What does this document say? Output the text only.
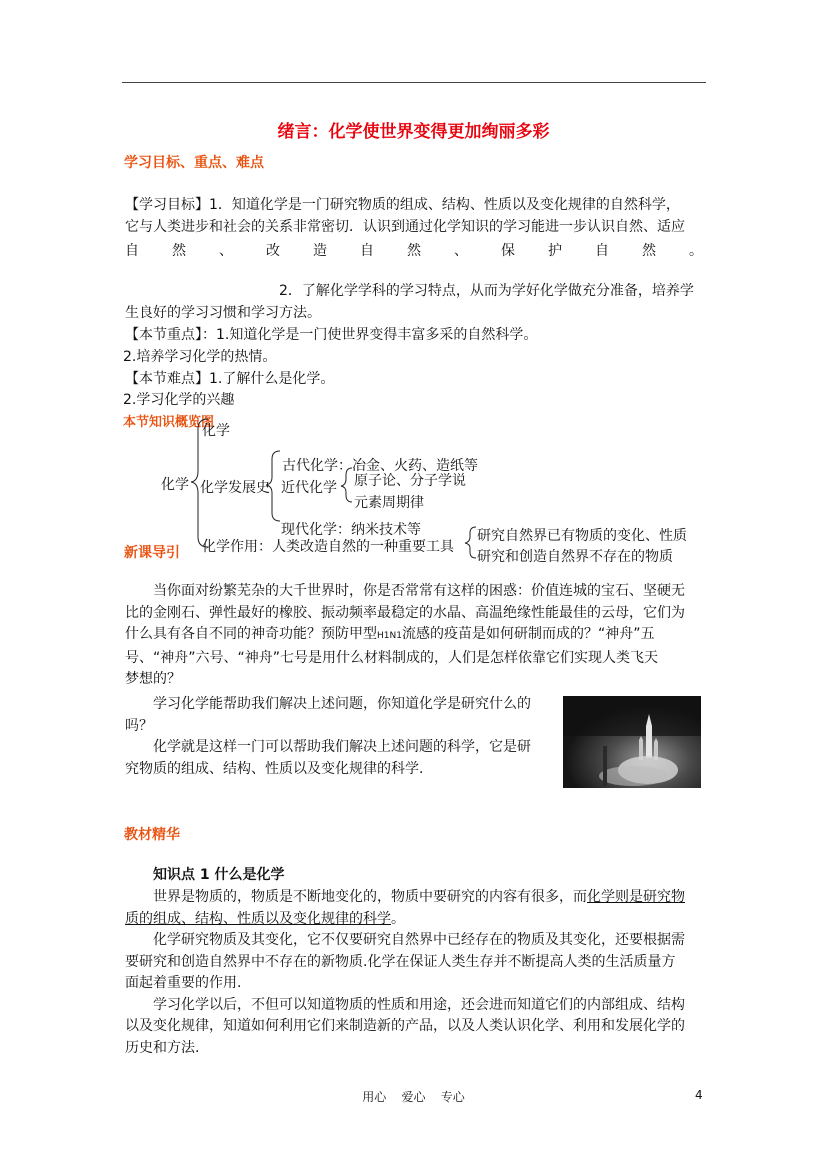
绪言：化学使世界变得更加绚丽多彩
学习目标、重点、难点
【学习目标】1．知道化学是一门研究物质的组成、结构、性质以及变化规律的自然科学，
它与人类进步和社会的关系非常密切．认识到通过化学知识的学习能进一步认识自然、适应
自 然 、 改 造 自 然 、 保 护 自 然 。
2．了解化学学科的学习特点，从而为学好化学做充分准备，培养学
生良好的学习习惯和学习方法。
【本节重点】：1.知道化学是一门使世界变得丰富多采的自然科学。
2.培养学习化学的热情。
【本节难点】1.了解什么是化学。
2.学习化学的兴趣
本节知识概览图
化学
化学
化学发展史
古代化学：冶金、火药、造纸等
近代化学 原子论、分子学说
元素周期律
现代化学：纳米技术等
化学作用：人类改造自然的一种重要工具
研究自然界已有物质的变化、性质
研究和创造自然界不存在的物质
新课导引
当你面对纷繁芜杂的大千世界时，你是否常常有这样的困惑：价值连城的宝石、坚硬无
比的金刚石、弹性最好的橡胶、振动频率最稳定的水晶、高温绝缘性能最佳的云母，它们为
什么具有各自不同的神奇功能？预防甲型H1N1流感的疫苗是如何研制而成的？“神舟”五
号、“神舟”六号、“神舟”七号是用什么材料制成的，人们是怎样依靠它们实现人类飞天
梦想的？
学习化学能帮助我们解决上述问题，你知道化学是研究什么的
吗？
化学就是这样一门可以帮助我们解决上述问题的科学，它是研
究物质的组成、结构、性质以及变化规律的科学.
教材精华
知识点 1 什么是化学
世界是物质的，物质是不断地变化的，物质中要研究的内容有很多，而化学则是研究物
质的组成、结构、性质以及变化规律的科学。
化学研究物质及其变化，它不仅要研究自然界中已经存在的物质及其变化，还要根据需
要研究和创造自然界中不存在的新物质.化学在保证人类生存并不断提高人类的生活质量方
面起着重要的作用.
学习化学以后，不但可以知道物质的性质和用途，还会进而知道它们的内部组成、结构
以及变化规律，知道如何利用它们来制造新的产品，以及人类认识化学、利用和发展化学的
历史和方法.
用心    爱心    专心	4
